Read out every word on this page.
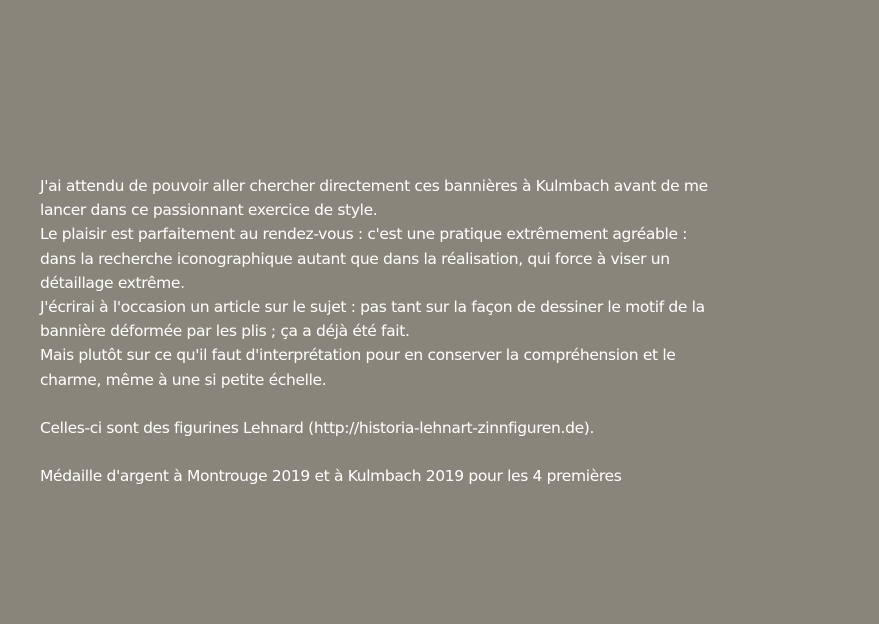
J'ai attendu de pouvoir aller chercher directement ces bannières à Kulmbach avant de me
lancer dans ce passionnant exercice de style.
Le plaisir est parfaitement au rendez-vous : c'est une pratique extrêmement agréable :
dans la recherche iconographique autant que dans la réalisation, qui force à viser un
détaillage extrême.
J'écrirai à l'occasion un article sur le sujet : pas tant sur la façon de dessiner le motif de la
bannière déformée par les plis ; ça a déjà été fait.
Mais plutôt sur ce qu'il faut d'interprétation pour en conserver la compréhension et le
charme, même à une si petite échelle.
Celles-ci sont des figurines Lehnard (http://historia-lehnart-zinnfiguren.de).
Médaille d'argent à Montrouge 2019 et à Kulmbach 2019 pour les 4 premières
